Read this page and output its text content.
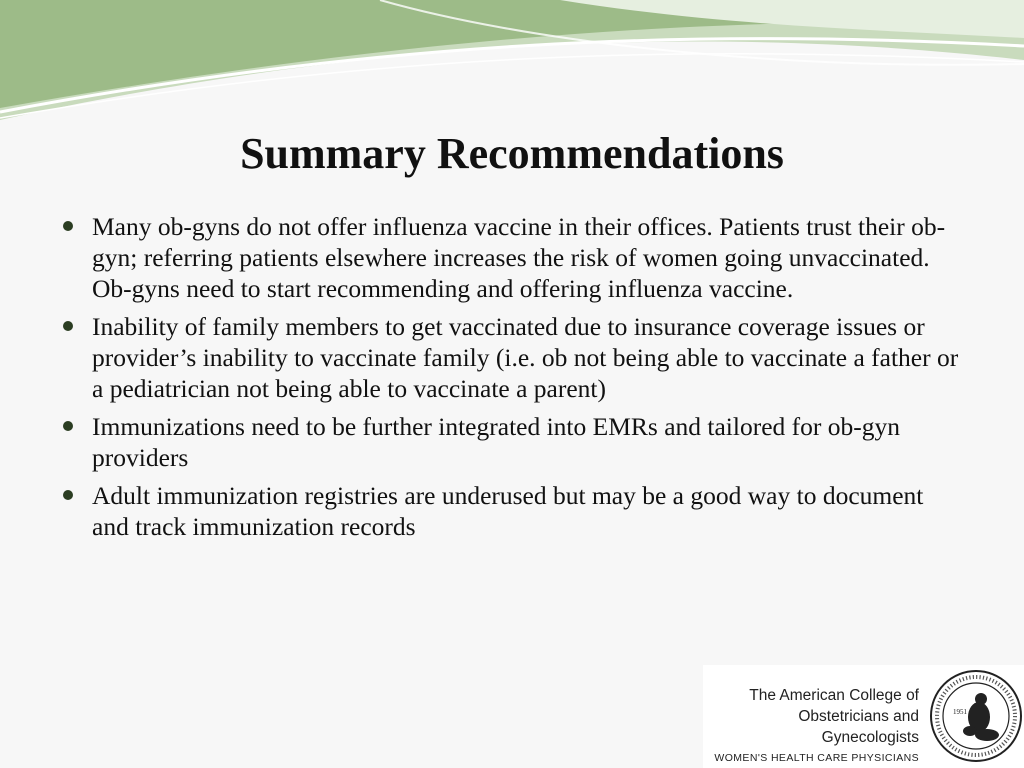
Summary Recommendations
Many ob-gyns do not offer influenza vaccine in their offices. Patients trust their ob-gyn; referring patients elsewhere increases the risk of women going unvaccinated. Ob-gyns need to start recommending and offering influenza vaccine.
Inability of family members to get vaccinated due to insurance coverage issues or provider’s inability to vaccinate family (i.e. ob not being able to vaccinate a father or a pediatrician not being able to vaccinate a parent)
Immunizations need to be further integrated into EMRs and tailored for ob-gyn providers
Adult immunization registries are underused but may be a good way to document and track immunization records
The American College of
Obstetricians and Gynecologists
WOMEN'S HEALTH CARE PHYSICIANS
1951
